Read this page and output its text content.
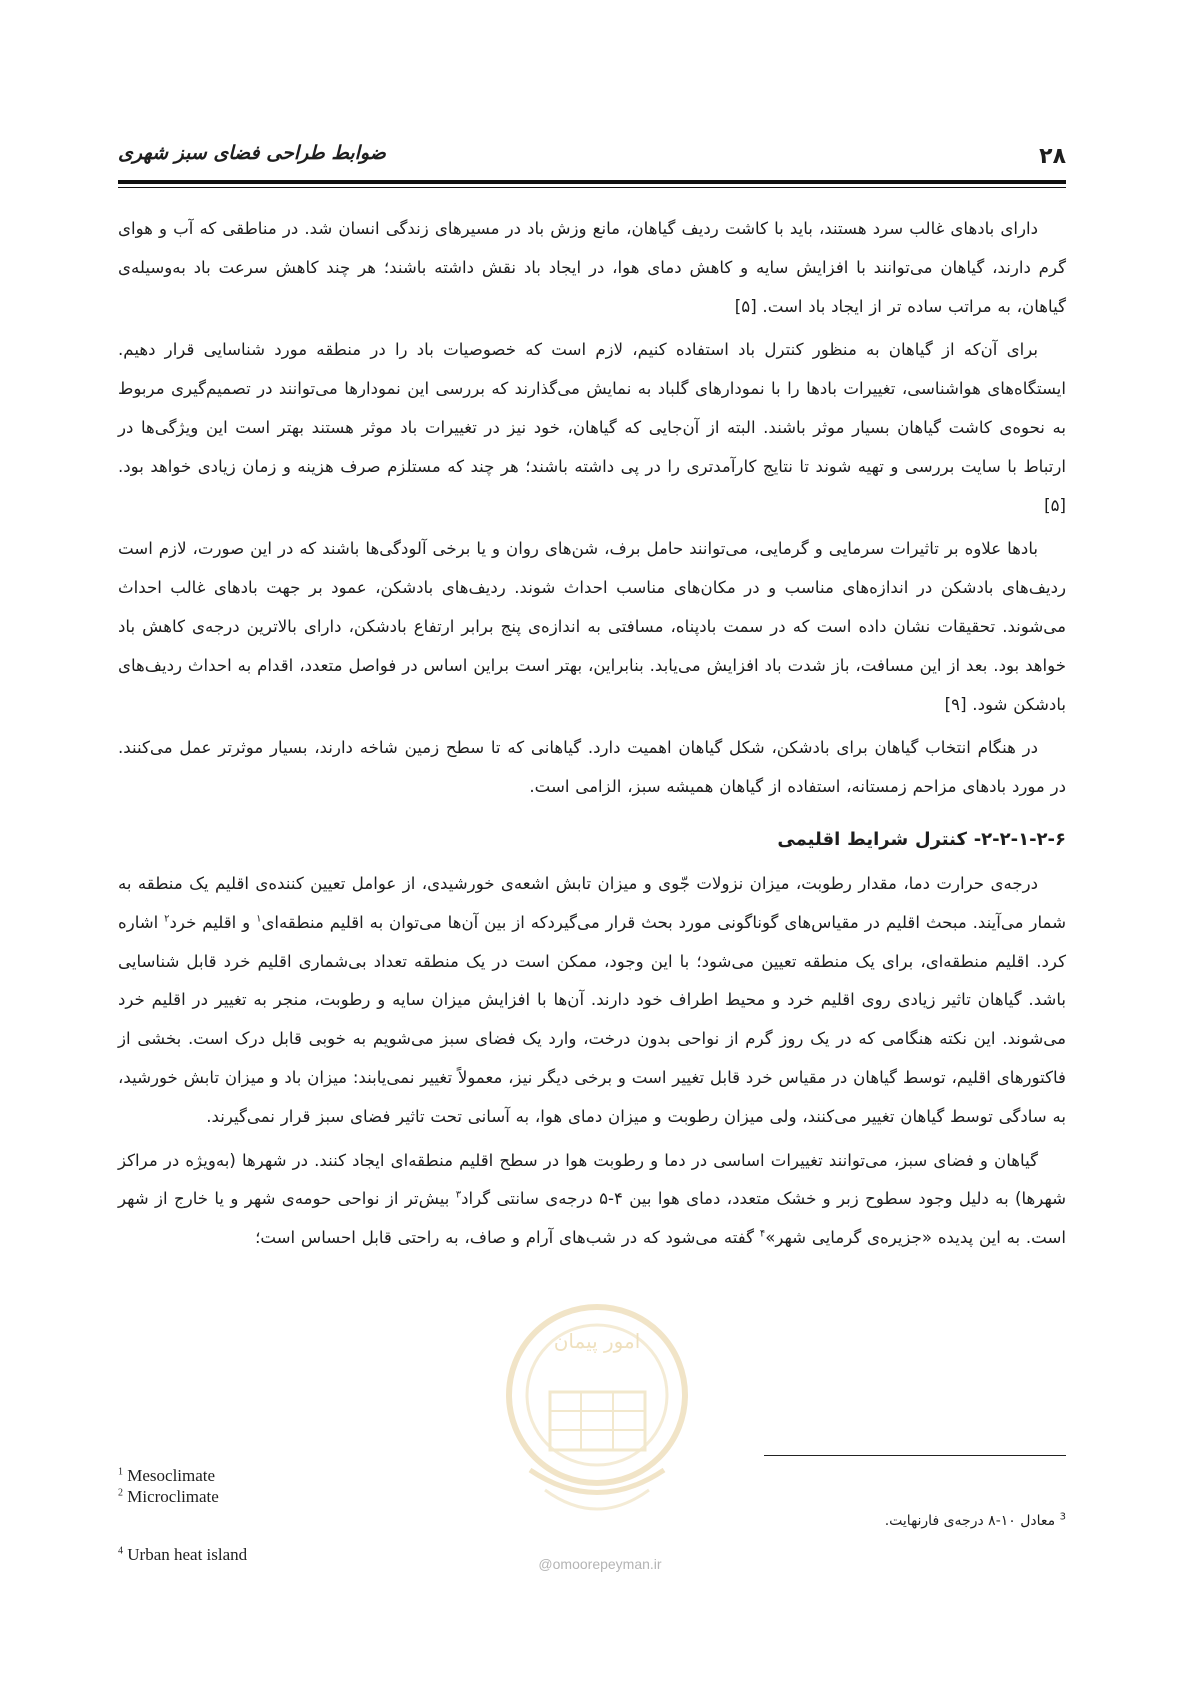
۲۸
ضوابط طراحی فضای سبز شهری

دارای بادهای غالب سرد هستند، باید با کاشت ردیف گیاهان، مانع وزش باد در مسیرهای زندگی انسان شد. در مناطقی که آب و هوای گرم دارند، گیاهان می‌توانند با افزایش سایه و کاهش دمای هوا، در ایجاد باد نقش داشته باشند؛ هر چند کاهش سرعت باد به‌وسیله‌ی گیاهان، به مراتب ساده تر از ایجاد باد است. [۵]

برای آن‌که از گیاهان به منظور کنترل باد استفاده کنیم، لازم است که خصوصیات باد را در منطقه مورد شناسایی قرار دهیم. ایستگاه‌های هواشناسی، تغییرات بادها را با نمودارهای گلباد به نمایش می‌گذارند که بررسی این نمودارها می‌توانند در تصمیم‌گیری مربوط به نحوه‌ی کاشت گیاهان بسیار موثر باشند. البته از آن‌جایی که گیاهان، خود نیز در تغییرات باد موثر هستند بهتر است این ویژگی‌ها در ارتباط با سایت بررسی و تهیه شوند تا نتایج کارآمدتری را در پی داشته باشند؛ هر چند که مستلزم صرف هزینه و زمان زیادی خواهد بود. [۵]

بادها علاوه بر تاثیرات سرمایی و گرمایی، می‌توانند حامل برف، شن‌های روان و یا برخی آلودگی‌ها باشند که در این صورت، لازم است ردیف‌های بادشکن در اندازه‌های مناسب و در مکان‌های مناسب احداث شوند. ردیف‌های بادشکن، عمود بر جهت بادهای غالب احداث می‌شوند. تحقیقات نشان داده است که در سمت بادپناه، مسافتی به اندازه‌ی پنج برابر ارتفاع بادشکن، دارای بالاترین درجه‌ی کاهش باد خواهد بود. بعد از این مسافت، باز شدت باد افزایش می‌یابد. بنابراین، بهتر است براین اساس در فواصل متعدد، اقدام به احداث ردیف‌های بادشکن شود. [۹]

در هنگام انتخاب گیاهان برای بادشکن، شکل گیاهان اهمیت دارد. گیاهانی که تا سطح زمین شاخه دارند، بسیار موثرتر عمل می‌کنند. در مورد بادهای مزاحم زمستانه، استفاده از گیاهان همیشه سبز، الزامی است.

۲-۲-۱-۲-۶- کنترل شرایط اقلیمی

درجه‌ی حرارت دما، مقدار رطوبت، میزان نزولات جّوی و میزان تابش اشعه‌ی خورشیدی، از عوامل تعیین کننده‌ی اقلیم یک منطقه به شمار می‌آیند. مبحث اقلیم در مقیاس‌های گوناگونی مورد بحث قرار می‌گیردکه از بین آن‌ها می‌توان به اقلیم منطقه‌ای$^۱$ و اقلیم خرد$^۲$ اشاره کرد. اقلیم منطقه‌ای، برای یک منطقه تعیین می‌شود؛ با این وجود، ممکن است در یک منطقه تعداد بی‌شماری اقلیم خرد قابل شناسایی باشد. گیاهان تاثیر زیادی روی اقلیم خرد و محیط اطراف خود دارند. آن‌ها با افزایش میزان سایه و رطوبت، منجر به تغییر در اقلیم خرد می‌شوند. این نکته هنگامی که در یک روز گرم از نواحی بدون درخت، وارد یک فضای سبز می‌شویم به خوبی قابل درک است. بخشی از فاکتورهای اقلیم، توسط گیاهان در مقیاس خرد قابل تغییر است و برخی دیگر نیز، معمولاً تغییر نمی‌یابند: میزان باد و میزان تابش خورشید، به سادگی توسط گیاهان تغییر می‌کنند، ولی میزان رطوبت و میزان دمای هوا، به آسانی تحت تاثیر فضای سبز قرار نمی‌گیرند.

گیاهان و فضای سبز، می‌توانند تغییرات اساسی در دما و رطوبت هوا در سطح اقلیم منطقه‌ای ایجاد کنند. در شهرها (به‌ویژه در مراکز شهرها) به دلیل وجود سطوح زبر و خشک متعدد، دمای هوا بین ۴-۵ درجه‌ی سانتی گراد$^۳$ بیش‌تر از نواحی حومه‌ی شهر و یا خارج از شهر است. به این پدیده «جزیره‌ی گرمایی شهر»$^۴$ گفته می‌شود که در شب‌های آرام و صاف، به راحتی قابل احساس است؛

$^1$ Mesoclimate
$^2$ Microclimate
$^4$ Urban heat island
$^3$ معادل ۱۰-۸ درجه‌ی فارنهایت.
امور پیمان
@omoorepeyman.ir
